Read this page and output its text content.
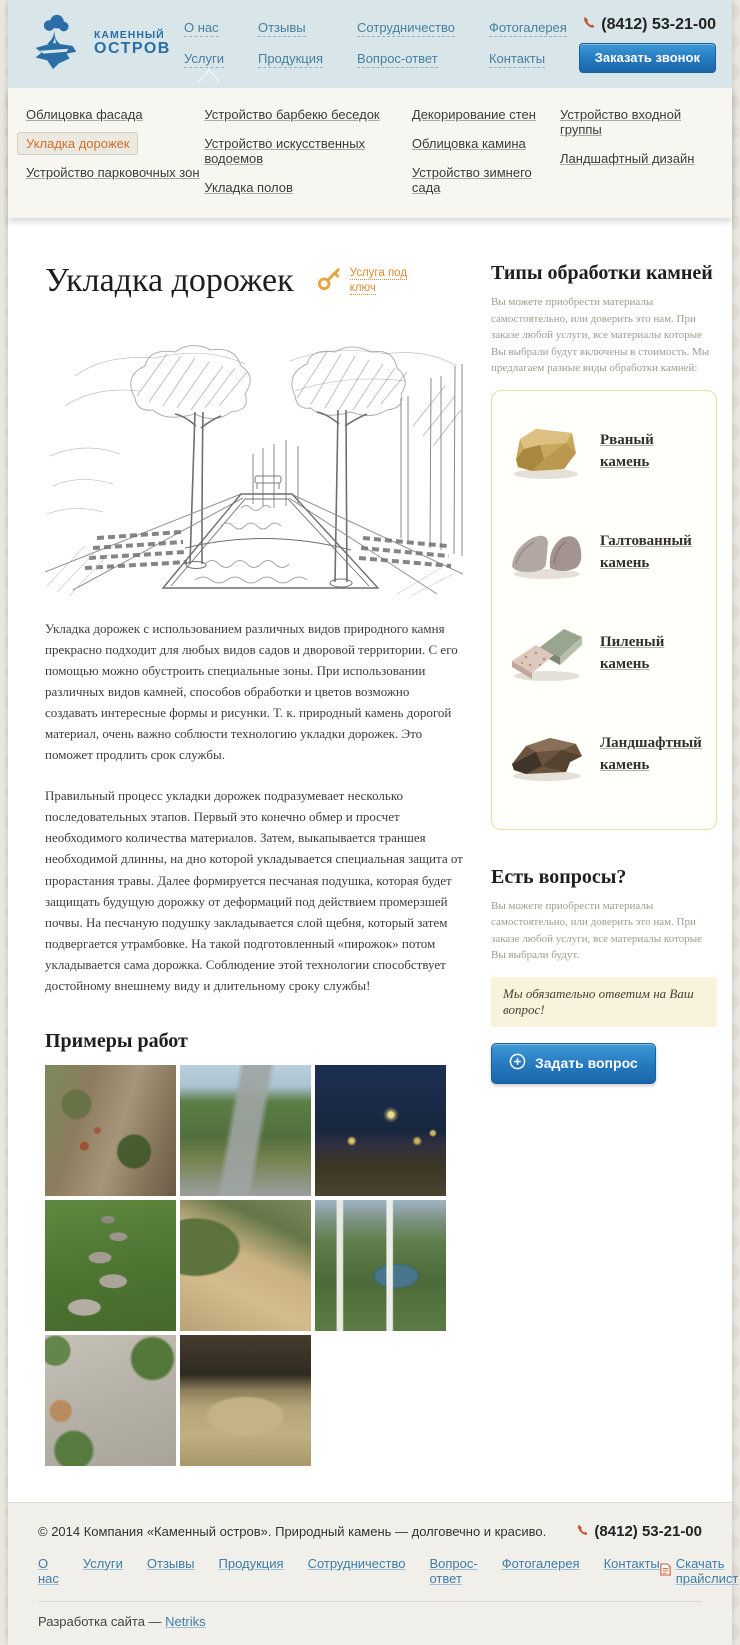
КАМЕННЫЙ
ОСТРОВ
О нас
Услуги
Отзывы
Продукция
Сотрудничество
Вопрос-ответ
Фотогалерея
Контакты
(8412) 53-21-00
Заказать звонок
Облицовка фасада
Укладка дорожек
Устройство парковочных зон
Устройство барбекю беседок
Устройство искусственных водоемов
Укладка полов
Декорирование стен
Облицовка камина
Устройство зимнего сада
Устройство входной группы
Ландшафтный дизайн
Укладка дорожек	Услуга под ключ

Укладка дорожек с использованием различных видов природного камня прекрасно подходит для любых видов садов и дворовой территории. С его помощью можно обустроить специальные зоны. При использовании различных видов камней, способов обработки и цветов возможно создавать интересные формы и рисунки. Т. к. природный камень дорогой материал, очень важно соблюсти технологию укладки дорожек. Это поможет продлить срок службы.

Правильный процесс укладки дорожек подразумевает несколько последовательных этапов. Первый это конечно обмер и просчет необходимого количества материалов. Затем, выкапывается траншея необходимой длинны, на дно которой укладывается специальная защита от прорастания травы. Далее формируется песчаная подушка, которая будет защищать будущую дорожку от деформаций под действием промерзшей почвы. На песчаную подушку закладывается слой щебня, который затем подвергается утрамбовке. На такой подготовленный «пирожок» потом укладывается сама дорожка. Соблюдение этой технологии способствует достойному внешнему виду и длительному сроку службы!

Примеры работ
Типы обработки камней

Вы можете приобрести материалы самостоятельно, или доверить это нам. При заказе любой услуги, все материалы которые Вы выбрали будут включены в стоимость. Мы предлагаем разные виды обработки камней:

Рваный камень
Галтованный камень
Пиленый камень
Ландшафтный камень
Есть вопросы?

Вы можете приобрести материалы самостоятельно, или доверить это нам. При заказе любой услуги, все материалы которые Вы выбрали будут.

Мы обязательно ответим на Ваш вопрос!
Задать вопрос
© 2014 Компания «Каменный остров». Природный камень — долговечно и красиво.	(8412) 53-21-00
О нас
Услуги Отзывы Продукция Сотрудничество Вопрос-ответ
Фотогалерея Контакты Скачать прайслист
Разработка сайта — Netriks
